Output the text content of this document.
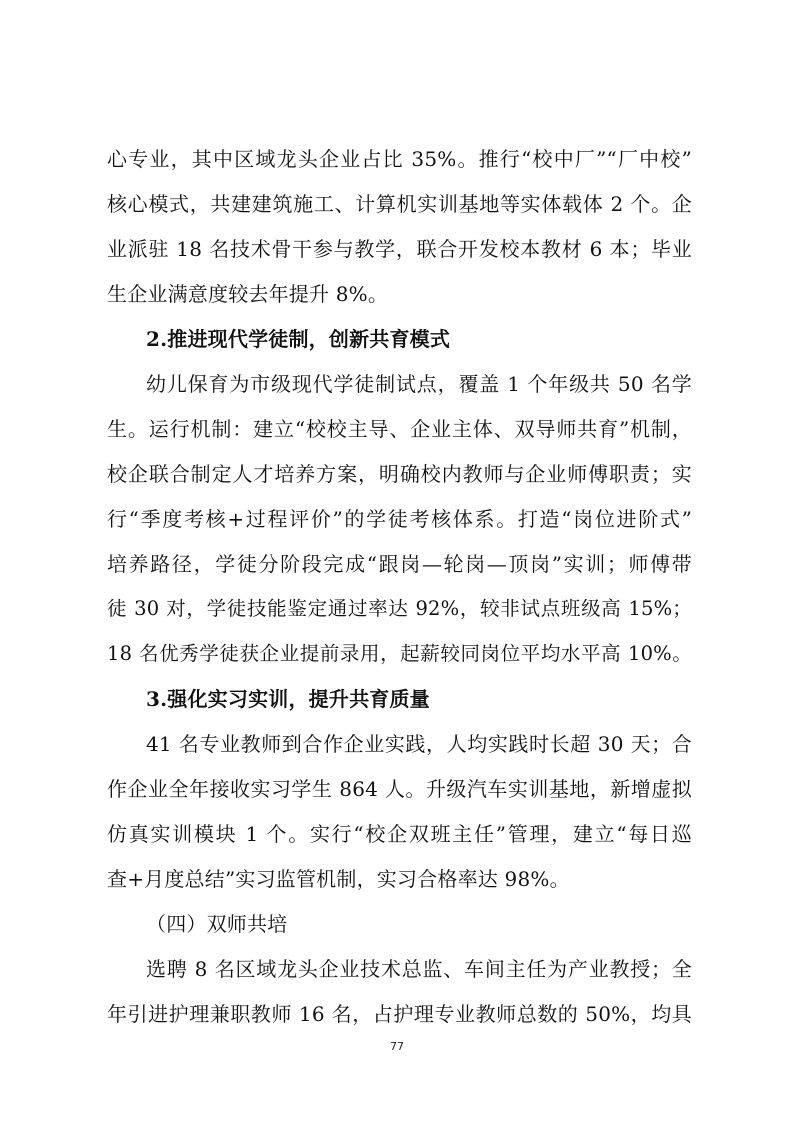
心专业，其中区域龙头企业占比 35%。推行“校中厂”“厂中校”
核心模式，共建建筑施工、计算机实训基地等实体载体 2 个。企
业派驻 18 名技术骨干参与教学，联合开发校本教材 6 本；毕业
生企业满意度较去年提升 8%。
2.推进现代学徒制，创新共育模式
幼儿保育为市级现代学徒制试点，覆盖 1 个年级共 50 名学
生。运行机制：建立“校校主导、企业主体、双导师共育”机制，
校企联合制定人才培养方案，明确校内教师与企业师傅职责；实
行“季度考核+过程评价”的学徒考核体系。打造“岗位进阶式”
培养路径，学徒分阶段完成“跟岗—轮岗—顶岗”实训；师傅带
徒 30 对，学徒技能鉴定通过率达 92%，较非试点班级高 15%；
18 名优秀学徒获企业提前录用，起薪较同岗位平均水平高 10%。
3.强化实习实训，提升共育质量
41 名专业教师到合作企业实践，人均实践时长超 30 天；合
作企业全年接收实习学生 864 人。升级汽车实训基地，新增虚拟
仿真实训模块 1 个。实行“校企双班主任”管理，建立“每日巡
查+月度总结”实习监管机制，实习合格率达 98%。
（四）双师共培
选聘 8 名区域龙头企业技术总监、车间主任为产业教授；全
年引进护理兼职教师 16 名，占护理专业教师总数的 50%，均具
77
